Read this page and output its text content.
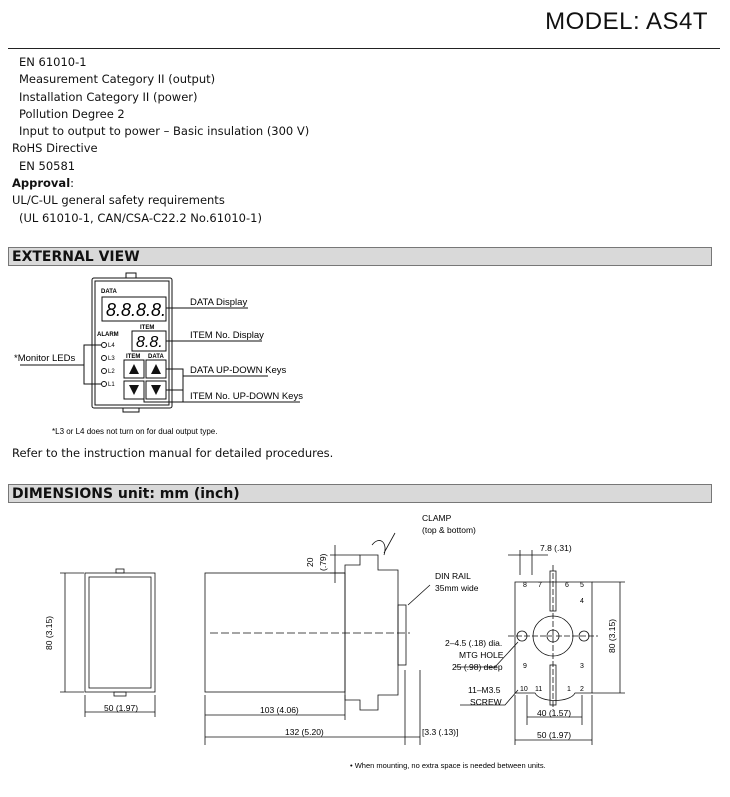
MODEL: AS4T
EN 61010-1
Measurement Category II (output)
Installation Category II (power)
Pollution Degree 2
Input to output to power – Basic insulation (300 V)
RoHS Directive
EN 50581
Approval:
UL/C-UL general safety requirements
(UL 61010-1, CAN/CSA-C22.2 No.61010-1)
EXTERNAL VIEW
DATA
ITEM
ALARM
ITEM DATA
L4
L3
L2
L1
8.8.8.8.
8.8.
DATA Display
ITEM No. Display
DATA UP-DOWN Keys
ITEM No. UP-DOWN Keys
*Monitor LEDs
*L3 or L4 does not turn on for dual output type.
Refer to the instruction manual for detailed procedures.
DIMENSIONS unit: mm (inch)
8 7	6 5
4
9	3
10 11	1 2
80 (3.15)
50 (1.97)	103 (4.06)
132 (5.20)	[3.3 (.13)]
20 (.79)
CLAMP
(top & bottom)
DIN RAIL
35mm wide
7.8 (.31)
2–4.5 (.18) dia.
MTG HOLE
25 (.98) deep
11–M3.5
SCREW
40 (1.57)
50 (1.97)
80 (3.15)
• When mounting, no extra space is needed between units.
